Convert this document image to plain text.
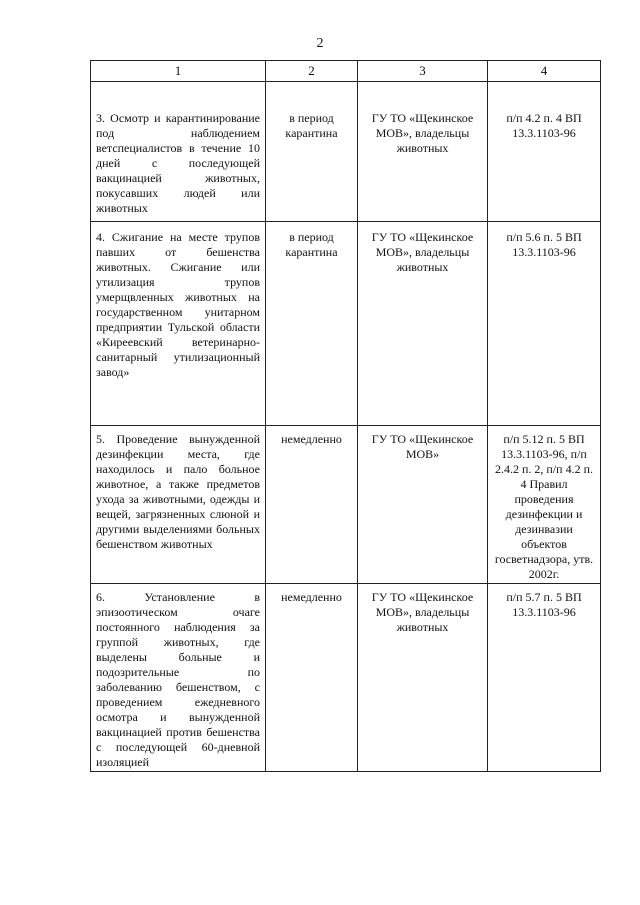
2
1	2	3	4
3. Осмотр и карантинирование под наблюдением ветспециалистов в течение 10 дней с последующей вакцинацией животных, покусавших людей или животных	в период карантина	ГУ ТО «Щекинское МОВ», владельцы животных	п/п 4.2 п. 4 ВП 13.3.1103-96
4. Сжигание на месте трупов павших от бешенства животных. Сжигание или утилизация трупов умерщвленных животных на государственном унитарном предприятии Тульской области «Киреевский ветеринарно-санитарный утилизационный завод»	в период карантина	ГУ ТО «Щекинское МОВ», владельцы животных	п/п 5.6 п. 5 ВП 13.3.1103-96
5. Проведение вынужденной дезинфекции места, где находилось и пало больное животное, а также предметов ухода за животными, одежды и вещей, загрязненных слюной и другими выделениями больных бешенством животных	немедленно	ГУ ТО «Щекинское МОВ»	п/п 5.12 п. 5 ВП 13.3.1103-96, п/п 2.4.2 п. 2, п/п 4.2 п. 4 Правил проведения дезинфекции и дезинвазии объектов госветнадзора, утв. 2002г.
6. Установление в эпизоотическом очаге постоянного наблюдения за группой животных, где выделены больные и подозрительные по заболеванию бешенством, с проведением ежедневного осмотра и вынужденной вакцинацией против бешенства с последующей 60-дневной изоляцией	немедленно	ГУ ТО «Щекинское МОВ», владельцы животных	п/п 5.7 п. 5 ВП 13.3.1103-96
